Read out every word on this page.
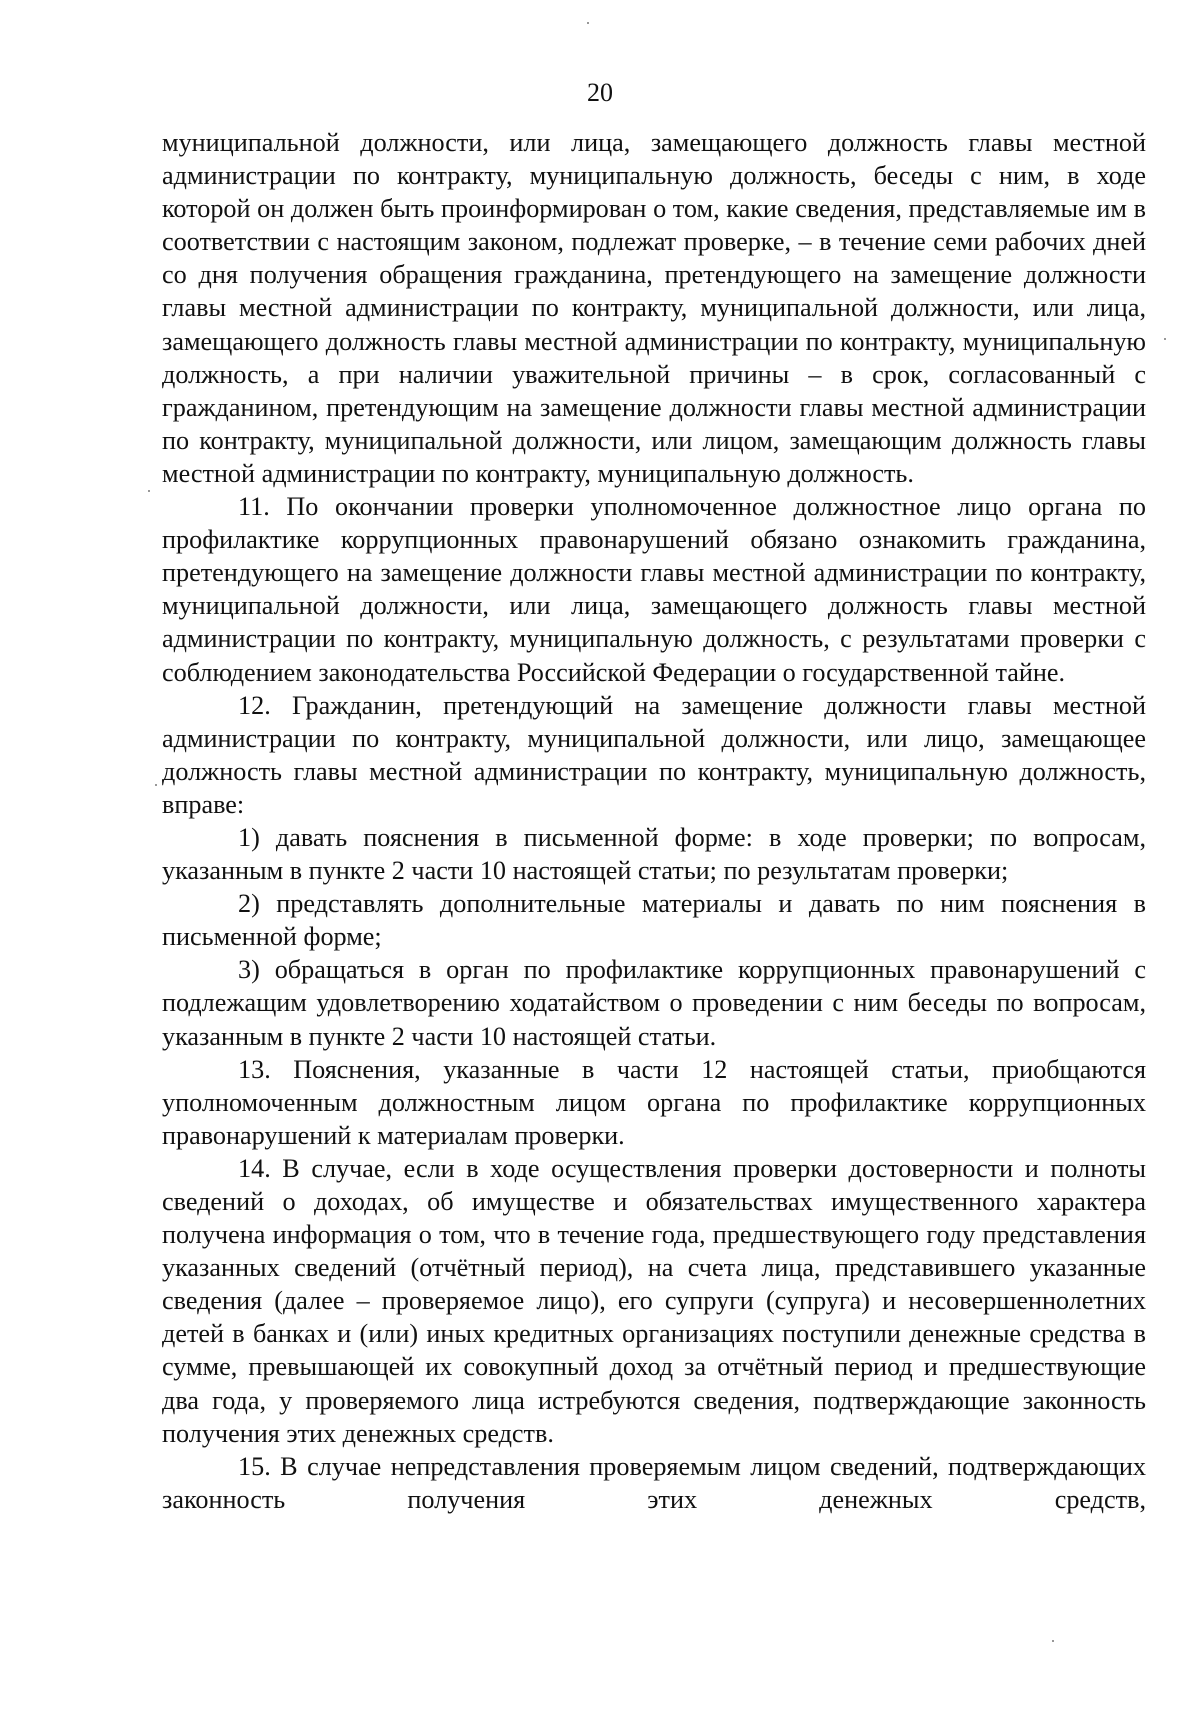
20

муниципальной должности, или лица, замещающего должность главы местной администрации по контракту, муниципальную должность, беседы с ним, в ходе которой он должен быть проинформирован о том, какие сведения, представляемые им в соответствии с настоящим законом, подлежат проверке, – в течение семи рабочих дней со дня получения обращения гражданина, претендующего на замещение должности главы местной администрации по контракту, муниципальной должности, или лица, замещающего должность главы местной администрации по контракту, муниципальную должность, а при наличии уважительной причины – в срок, согласованный с гражданином, претендующим на замещение должности главы местной администрации по контракту, муниципальной должности, или лицом, замещающим должность главы местной администрации по контракту, муниципальную должность.

11. По окончании проверки уполномоченное должностное лицо органа по профилактике коррупционных правонарушений обязано ознакомить гражданина, претендующего на замещение должности главы местной администрации по контракту, муниципальной должности, или лица, замещающего должность главы местной администрации по контракту, муниципальную должность, с результатами проверки с соблюдением законодательства Российской Федерации о государственной тайне.

12. Гражданин, претендующий на замещение должности главы местной администрации по контракту, муниципальной должности, или лицо, замещающее должность главы местной администрации по контракту, муниципальную должность, вправе:

1) давать пояснения в письменной форме: в ходе проверки; по вопросам, указанным в пункте 2 части 10 настоящей статьи; по результатам проверки;

2) представлять дополнительные материалы и давать по ним пояснения в письменной форме;

3) обращаться в орган по профилактике коррупционных правонарушений с подлежащим удовлетворению ходатайством о проведении с ним беседы по вопросам, указанным в пункте 2 части 10 настоящей статьи.

13. Пояснения, указанные в части 12 настоящей статьи, приобщаются уполномоченным должностным лицом органа по профилактике коррупционных правонарушений к материалам проверки.

14. В случае, если в ходе осуществления проверки достоверности и полноты сведений о доходах, об имуществе и обязательствах имущественного характера получена информация о том, что в течение года, предшествующего году представления указанных сведений (отчётный период), на счета лица, представившего указанные сведения (далее – проверяемое лицо), его супруги (супруга) и несовершеннолетних детей в банках и (или) иных кредитных организациях поступили денежные средства в сумме, превышающей их совокупный доход за отчётный период и предшествующие два года, у проверяемого лица истребуются сведения, подтверждающие законность получения этих денежных средств.

15. В случае непредставления проверяемым лицом сведений, подтверждающих законность получения этих денежных средств,
